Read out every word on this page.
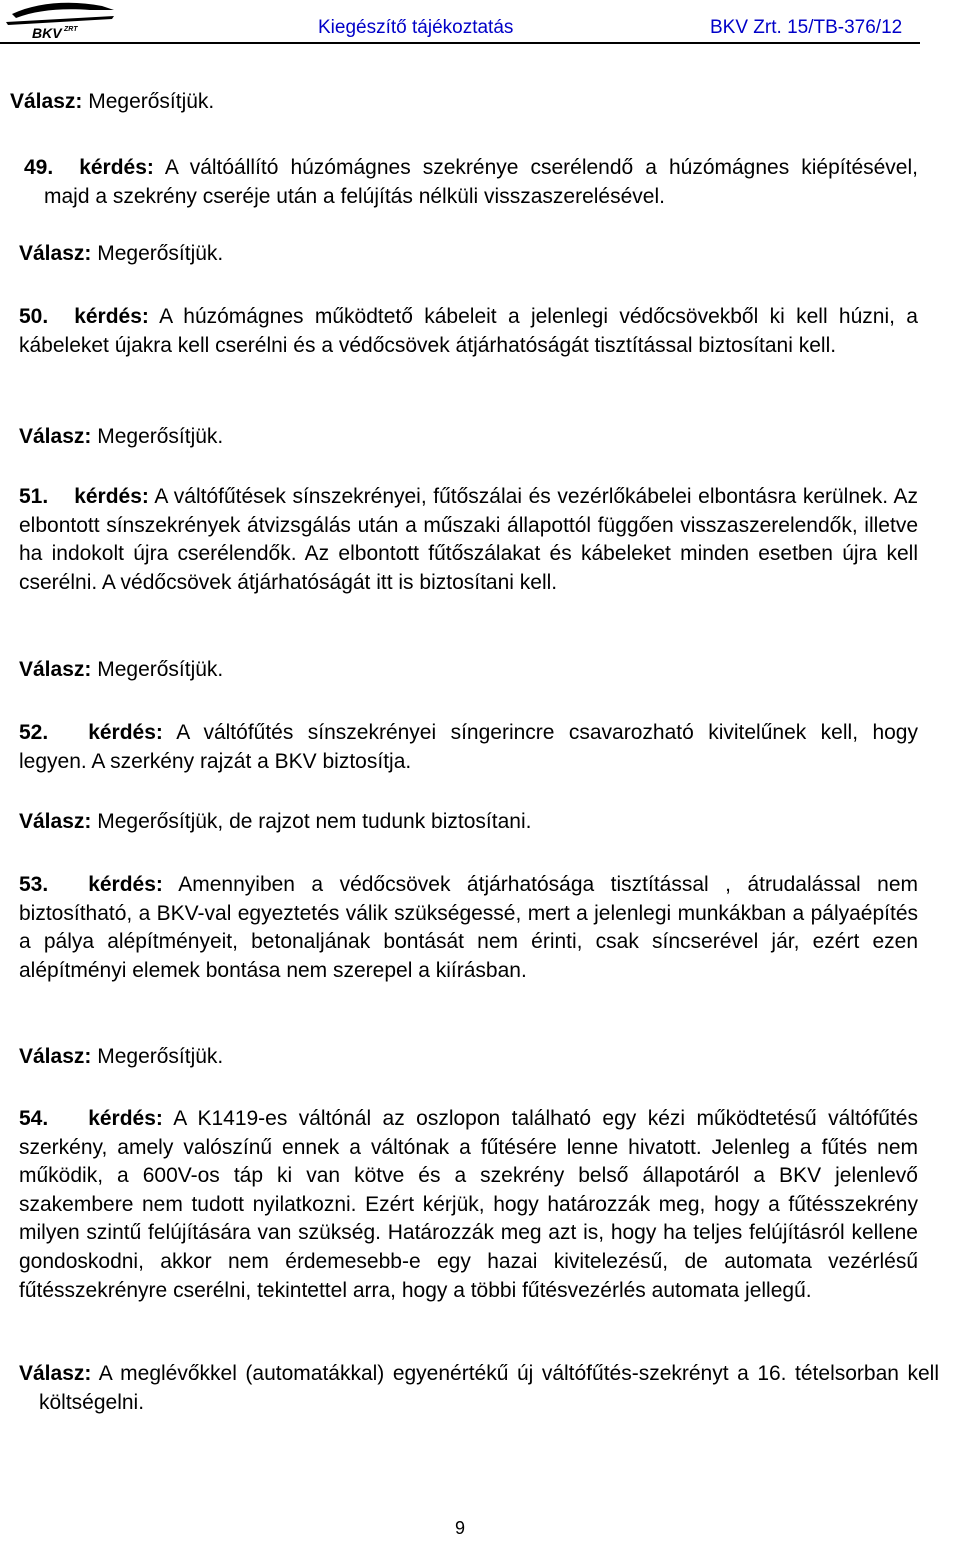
BKV ZRT	Kiegészítő tájékoztatás	BKV Zrt. 15/TB-376/12
Válasz: Megerősítjük.
49. kérdés: A váltóállító húzómágnes szekrénye cserélendő a húzómágnes kiépítésével, majd a szekrény cseréje után a felújítás nélküli visszaszerelésével.
Válasz: Megerősítjük.
50. kérdés: A húzómágnes működtető kábeleit a jelenlegi védőcsövekből ki kell húzni, a kábeleket újakra kell cserélni és a védőcsövek átjárhatóságát tisztítással biztosítani kell.
Válasz: Megerősítjük.
51. kérdés: A váltófűtések sínszekrényei, fűtőszálai és vezérlőkábelei elbontásra kerülnek. Az elbontott sínszekrények átvizsgálás után a műszaki állapottól függően visszaszerelendők, illetve ha indokolt újra cserélendők. Az elbontott fűtőszálakat és kábeleket minden esetben újra kell cserélni. A védőcsövek átjárhatóságát itt is biztosítani kell.
Válasz: Megerősítjük.
52. kérdés: A váltófűtés sínszekrényei síngerincre csavarozható kivitelűnek kell, hogy legyen. A szerkény rajzát a BKV biztosítja.
Válasz: Megerősítjük, de rajzot nem tudunk biztosítani.
53. kérdés: Amennyiben a védőcsövek átjárhatósága tisztítással , átrudalással nem biztosítható, a BKV-val egyeztetés válik szükségessé, mert a jelenlegi munkákban a pályaépítés a pálya alépítményeit, betonaljának bontását nem érinti, csak síncserével jár, ezért ezen alépítményi elemek bontása nem szerepel a kiírásban.
Válasz: Megerősítjük.
54. kérdés: A K1419-es váltónál az oszlopon található egy kézi működtetésű váltófűtés szerkény, amely valószínű ennek a váltónak a fűtésére lenne hivatott. Jelenleg a fűtés nem működik, a 600V-os táp ki van kötve és a szekrény belső állapotáról a BKV jelenlevő szakembere nem tudott nyilatkozni. Ezért kérjük, hogy határozzák meg, hogy a fűtésszekrény milyen szintű felújítására van szükség. Határozzák meg azt is, hogy ha teljes felújításról kellene gondoskodni, akkor nem érdemesebb-e egy hazai kivitelezésű, de automata vezérlésű fűtésszekrényre cserélni, tekintettel arra, hogy a többi fűtésvezérlés automata jellegű.
Válasz: A meglévőkkel (automatákkal) egyenértékű új váltófűtés-szekrényt a 16. tételsorban kell költségelni.
9
